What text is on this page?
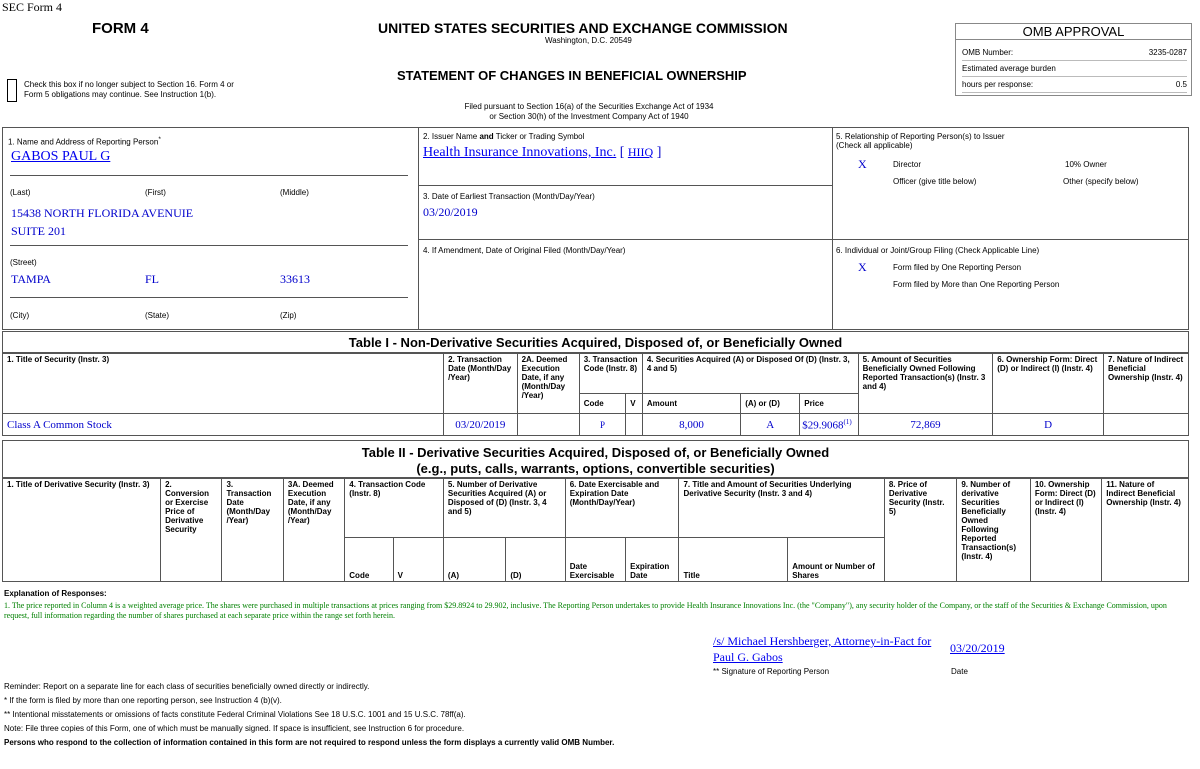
SEC Form 4
FORM 4
Check this box if no longer subject to Section 16. Form 4 or Form 5 obligations may continue. See Instruction 1(b).
UNITED STATES SECURITIES AND EXCHANGE COMMISSION
Washington, D.C. 20549
STATEMENT OF CHANGES IN BENEFICIAL OWNERSHIP
Filed pursuant to Section 16(a) of the Securities Exchange Act of 1934
or Section 30(h) of the Investment Company Act of 1940
OMB APPROVAL
OMB Number:	3235-0287
Estimated average burden
hours per response:	0.5
1. Name and Address of Reporting Person*
GABOS PAUL G
(Last)	(First)	(Middle)
15438 NORTH FLORIDA AVENUIE
SUITE 201
(Street)
TAMPA	FL	33613
(City)	(State)	(Zip)
2. Issuer Name and Ticker or Trading Symbol
Health Insurance Innovations, Inc. [ HIIQ ]
3. Date of Earliest Transaction (Month/Day/Year)
03/20/2019
4. If Amendment, Date of Original Filed (Month/Day/Year)
5. Relationship of Reporting Person(s) to Issuer
(Check all applicable)
X	Director	10% Owner
Officer (give title below)	Other (specify below)
6. Individual or Joint/Group Filing (Check Applicable Line)
X	Form filed by One Reporting Person
Form filed by More than One Reporting Person
Table I - Non-Derivative Securities Acquired, Disposed of, or Beneficially Owned
1. Title of Security (Instr. 3)	2. Transaction Date (Month/Day /Year)	2A. Deemed Execution Date, if any (Month/Day /Year)	3. Transaction Code (Instr. 8)		4. Securities Acquired (A) or Disposed Of (D) (Instr. 3, 4 and 5)			5. Amount of Securities Beneficially Owned Following Reported Transaction(s) (Instr. 3 and 4)	6. Ownership Form: Direct (D) or Indirect (I) (Instr. 4)	7. Nature of Indirect Beneficial Ownership (Instr. 4)
			Code	V	Amount	(A) or (D)	Price			
Class A Common Stock	03/20/2019		P		8,000	A	$29.9068$^{(1)}$	72,869	D	
Table II - Derivative Securities Acquired, Disposed of, or Beneficially Owned
(e.g., puts, calls, warrants, options, convertible securities)
1. Title of Derivative Security (Instr. 3)	2. Conversion or Exercise Price of Derivative Security	3. Transaction Date (Month/Day /Year)	3A. Deemed Execution Date, if any (Month/Day /Year)	4. Transaction Code (Instr. 8)		5. Number of Derivative Securities Acquired (A) or Disposed of (D) (Instr. 3, 4 and 5)		6. Date Exercisable and Expiration Date (Month/Day/Year)		7. Title and Amount of Securities Underlying Derivative Security (Instr. 3 and 4)		8. Price of Derivative Security (Instr. 5)	9. Number of derivative Securities Beneficially Owned Following Reported Transaction(s) (Instr. 4)	10. Ownership Form: Direct (D) or Indirect (I) (Instr. 4)	11. Nature of Indirect Beneficial Ownership (Instr. 4)
				Code	V	(A)	(D)	Date Exercisable	Expiration Date	Title	Amount or Number of Shares				
Explanation of Responses:
1. The price reported in Column 4 is a weighted average price. The shares were purchased in multiple transactions at prices ranging from $29.8924 to 29.902, inclusive. The Reporting Person undertakes to provide Health Insurance Innovations Inc. (the "Company"), any security holder of the Company, or the staff of the Securities & Exchange Commission, upon request, full information regarding the number of shares purchased at each separate price within the range set forth herein.
/s/ Michael Hershberger, Attorney-in-Fact for
Paul G. Gabos
03/20/2019
** Signature of Reporting Person	Date
Reminder: Report on a separate line for each class of securities beneficially owned directly or indirectly.
* If the form is filed by more than one reporting person, see Instruction 4 (b)(v).
** Intentional misstatements or omissions of facts constitute Federal Criminal Violations See 18 U.S.C. 1001 and 15 U.S.C. 78ff(a).
Note: File three copies of this Form, one of which must be manually signed. If space is insufficient, see Instruction 6 for procedure.
Persons who respond to the collection of information contained in this form are not required to respond unless the form displays a currently valid OMB Number.
